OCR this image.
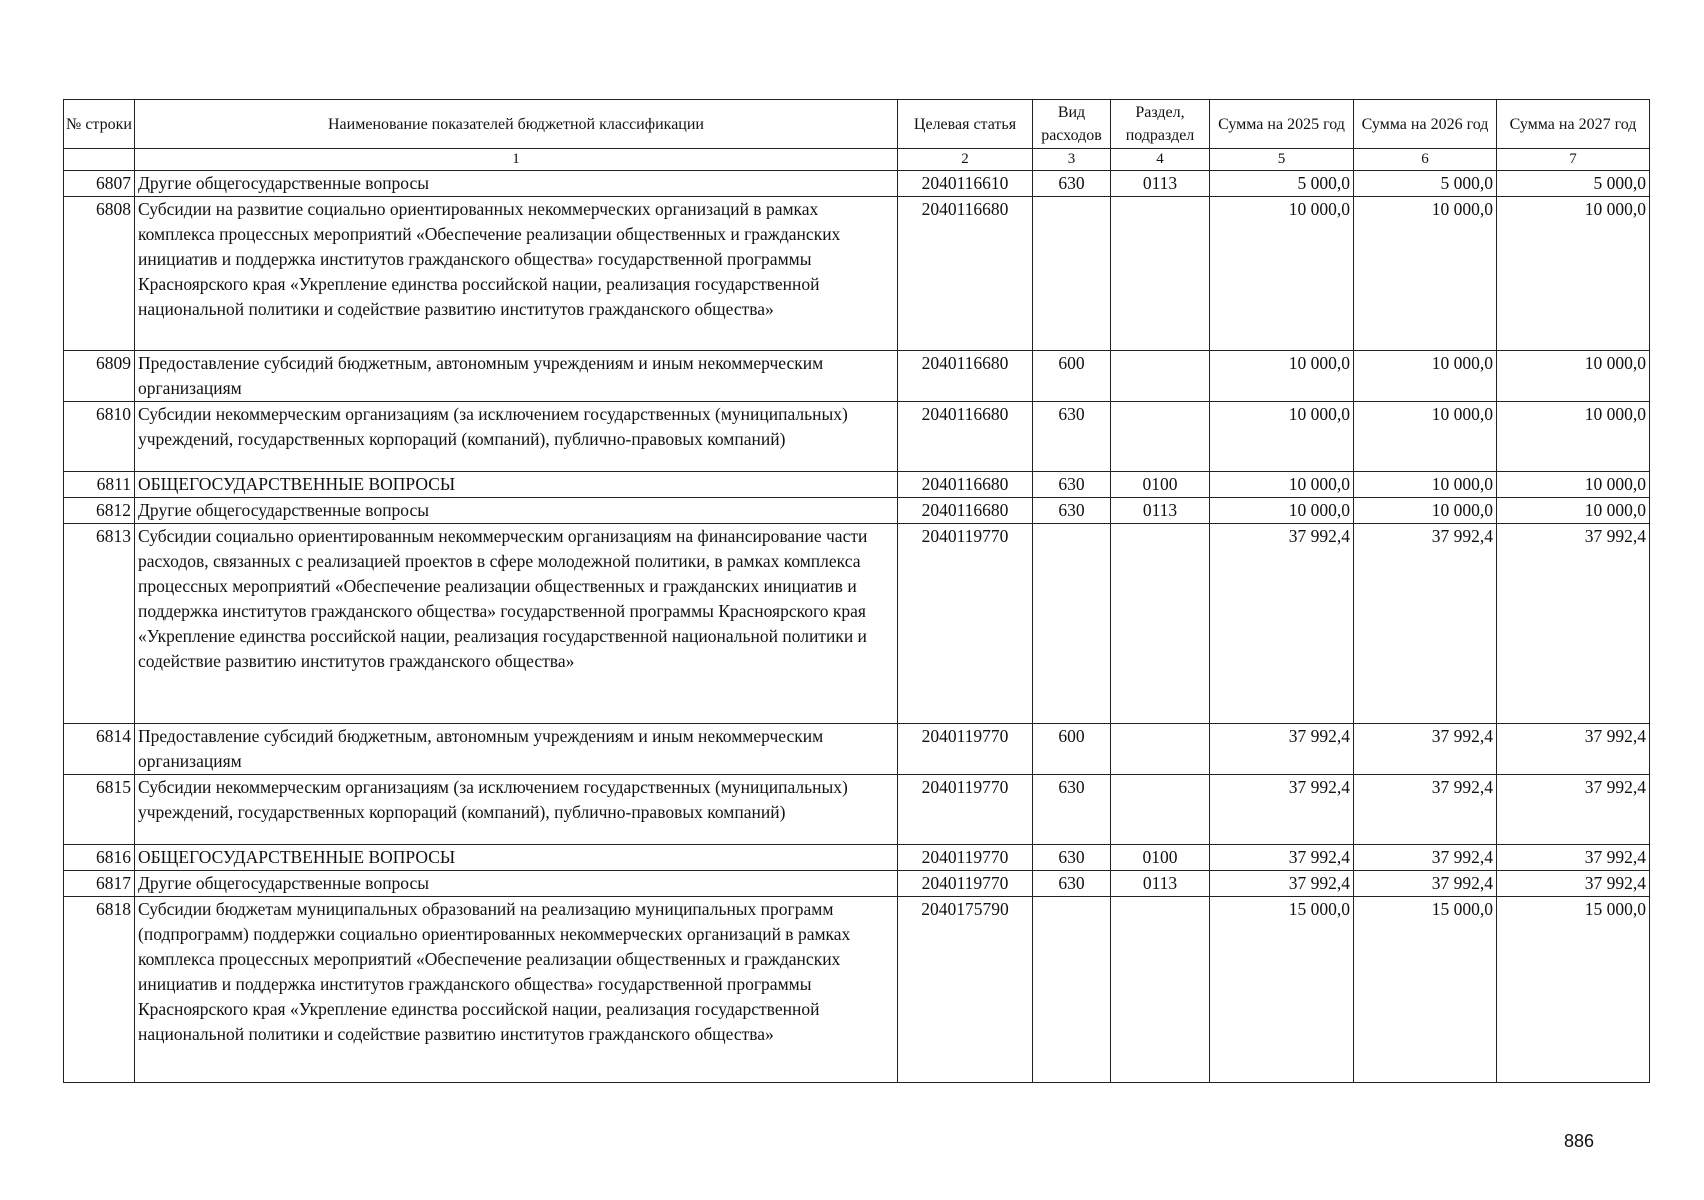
№ строки	Наименование показателей бюджетной классификации	Целевая статья	Вид расходов	Раздел, подраздел	Сумма на 2025 год	Сумма на 2026 год	Сумма на 2027 год
	1	2	3	4	5	6	7
6807	Другие общегосударственные вопросы	2040116610	630	0113	5 000,0	5 000,0	5 000,0
6808	Субсидии на развитие социально ориентированных некоммерческих организаций в рамках комплекса процессных мероприятий «Обеспечение реализации общественных и гражданских инициатив и поддержка институтов гражданского общества» государственной программы Красноярского края «Укрепление единства российской нации, реализация государственной национальной политики и содействие развитию институтов гражданского общества»	2040116680			10 000,0	10 000,0	10 000,0
6809	Предоставление субсидий бюджетным, автономным учреждениям и иным некоммерческим организациям	2040116680	600		10 000,0	10 000,0	10 000,0
6810	Субсидии некоммерческим организациям (за исключением государственных (муниципальных) учреждений, государственных корпораций (компаний), публично-правовых компаний)	2040116680	630		10 000,0	10 000,0	10 000,0
6811	ОБЩЕГОСУДАРСТВЕННЫЕ ВОПРОСЫ	2040116680	630	0100	10 000,0	10 000,0	10 000,0
6812	Другие общегосударственные вопросы	2040116680	630	0113	10 000,0	10 000,0	10 000,0
6813	Субсидии социально ориентированным некоммерческим организациям на финансирование части расходов, связанных с реализацией проектов в сфере молодежной политики, в рамках комплекса процессных мероприятий «Обеспечение реализации общественных и гражданских инициатив и поддержка институтов гражданского общества» государственной программы Красноярского края «Укрепление единства российской нации, реализация государственной национальной политики и содействие развитию институтов гражданского общества»	2040119770			37 992,4	37 992,4	37 992,4
6814	Предоставление субсидий бюджетным, автономным учреждениям и иным некоммерческим организациям	2040119770	600		37 992,4	37 992,4	37 992,4
6815	Субсидии некоммерческим организациям (за исключением государственных (муниципальных) учреждений, государственных корпораций (компаний), публично-правовых компаний)	2040119770	630		37 992,4	37 992,4	37 992,4
6816	ОБЩЕГОСУДАРСТВЕННЫЕ ВОПРОСЫ	2040119770	630	0100	37 992,4	37 992,4	37 992,4
6817	Другие общегосударственные вопросы	2040119770	630	0113	37 992,4	37 992,4	37 992,4
6818	Субсидии бюджетам муниципальных образований на реализацию муниципальных программ (подпрограмм) поддержки социально ориентированных некоммерческих организаций в рамках комплекса процессных мероприятий «Обеспечение реализации общественных и гражданских инициатив и поддержка институтов гражданского общества» государственной программы Красноярского края «Укрепление единства российской нации, реализация государственной национальной политики и содействие развитию институтов гражданского общества»	2040175790			15 000,0	15 000,0	15 000,0
886
